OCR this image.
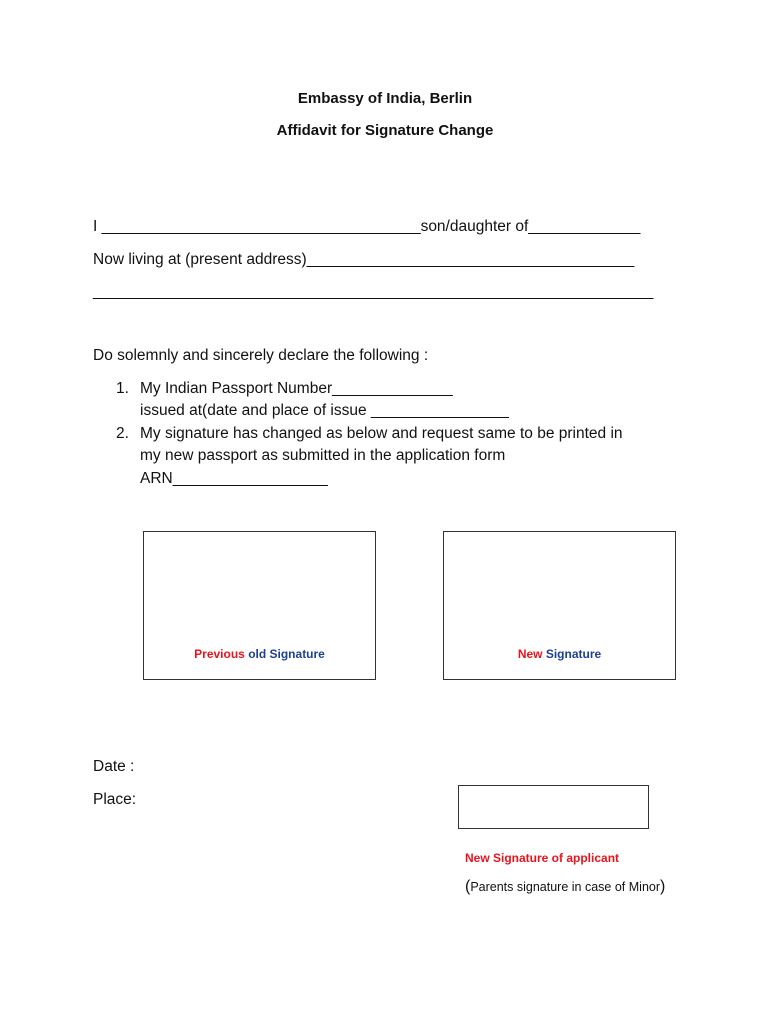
Embassy of India, Berlin
Affidavit for Signature Change
I _____________________________________son/daughter of_____________
Now living at (present address)______________________________________
_________________________________________________________________
Do solemnly and sincerely declare the following :
1. My Indian Passport Number______________
issued at(date and place of issue ________________
2. My signature has changed as below and request same to be printed in
my new passport as submitted in the application form
ARN__________________
Previous old Signature	New Signature
Date :
Place:
New Signature of applicant
(Parents signature in case of Minor)
